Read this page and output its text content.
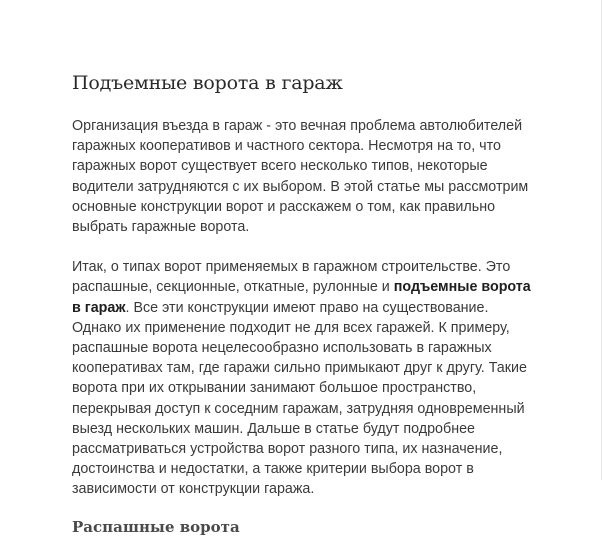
Подъемные ворота в гараж

Организация въезда в гараж - это вечная проблема автолюбителей гаражных кооперативов и частного сектора. Несмотря на то, что гаражных ворот существует всего несколько типов, некоторые водители затрудняются с их выбором. В этой статье мы рассмотрим основные конструкции ворот и расскажем о том, как правильно выбрать гаражные ворота.

Итак, о типах ворот применяемых в гаражном строительстве. Это распашные, секционные, откатные, рулонные и подъемные ворота в гараж. Все эти конструкции имеют право на существование. Однако их применение подходит не для всех гаражей. К примеру, распашные ворота нецелесообразно использовать в гаражных кооперативах там, где гаражи сильно примыкают друг к другу. Такие ворота при их открывании занимают большое пространство, перекрывая доступ к соседним гаражам, затрудняя одновременный выезд нескольких машин. Дальше в статье будут подробнее рассматриваться устройства ворот разного типа, их назначение, достоинства и недостатки, а также критерии выбора ворот в зависимости от конструкции гаража.

Распашные ворота
